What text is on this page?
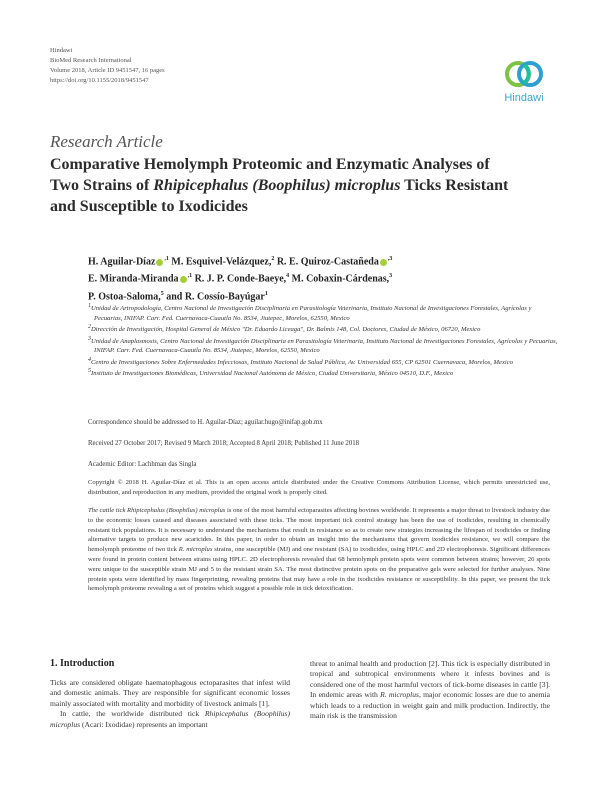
Hindawi
BioMed Research International
Volume 2018, Article ID 9451547, 16 pages
https://doi.org/10.1155/2018/9451547
Hindawi
Research Article
Comparative Hemolymph Proteomic and Enzymatic Analyses of Two Strains of Rhipicephalus (Boophilus) microplus Ticks Resistant and Susceptible to Ixodicides
H. Aguilar-Díaz $^{,1}$ M. Esquivel-Velázquez,$^2$ R. E. Quiroz-Castañeda $^{,3}$
E. Miranda-Miranda $^{,1}$ R. J. P. Conde-Baeye,$^4$ M. Cobaxin-Cárdenas,$^3$
P. Ostoa-Saloma,$^5$ and R. Cossío-Bayúgar$^1$
$^1$Unidad de Artropodología, Centro Nacional de Investigación Disciplinaria en Parasitología Veterinaria, Instituto Nacional de Investigaciones Forestales, Agrícolas y Pecuarias, INIFAP. Carr. Fed. Cuernavaca-Cuautla No. 8534, Jiutepec, Morelos, 62550, Mexico
$^2$Dirección de Investigación, Hospital General de México "Dr. Eduardo Liceaga", Dr. Balmis 148, Col. Doctores, Ciudad de México, 06720, Mexico
$^3$Unidad de Anaplasmosis, Centro Nacional de Investigación Disciplinaria en Parasitología Veterinaria, Instituto Nacional de Investigaciones Forestales, Agrícolas y Pecuarias, INIFAP. Carr. Fed. Cuernavaca-Cuautla No. 8534, Jiutepec, Morelos, 62550, Mexico
$^4$Centro de Investigaciones Sobre Enfermedades Infecciosas, Instituto Nacional de Salud Pública, Av. Universidad 655, CP 62501 Cuernavaca, Morelos, Mexico
$^5$Instituto de Investigaciones Biomédicas, Universidad Nacional Autónoma de México, Ciudad Universitaria, México 04510, D.F., Mexico
Correspondence should be addressed to H. Aguilar-Díaz; aguilar.hugo@inifap.gob.mx
Received 27 October 2017; Revised 9 March 2018; Accepted 8 April 2018; Published 11 June 2018
Academic Editor: Lachhman das Singla
Copyright © 2018 H. Aguilar-Díaz et al. This is an open access article distributed under the Creative Commons Attribution License, which permits unrestricted use, distribution, and reproduction in any medium, provided the original work is properly cited.
The cattle tick Rhipicephalus (Boophilus) microplus is one of the most harmful ectoparasites affecting bovines worldwide. It represents a major threat to livestock industry due to the economic losses caused and diseases associated with these ticks. The most important tick control strategy has been the use of ixodicides, resulting in chemically resistant tick populations. It is necessary to understand the mechanisms that result in resistance so as to create new strategies increasing the lifespan of ixodicides or finding alternative targets to produce new acaricides. In this paper, in order to obtain an insight into the mechanisms that govern ixodicides resistance, we will compare the hemolymph proteome of two tick R. microplus strains, one susceptible (MJ) and one resistant (SA) to ixodicides, using HPLC and 2D electrophoresis. Significant differences were found in protein content between strains using HPLC. 2D electrophoresis revealed that 68 hemolymph protein spots were common between strains; however, 26 spots were unique to the susceptible strain MJ and 5 to the resistant strain SA. The most distinctive protein spots on the preparative gels were selected for further analyses. Nine protein spots were identified by mass fingerprinting, revealing proteins that may have a role in the ixodicides resistance or susceptibility. In this paper, we present the tick hemolymph proteome revealing a set of proteins which suggest a possible role in tick detoxification.
1. Introduction

Ticks are considered obligate haematophagous ectoparasites that infest wild and domestic animals. They are responsible for significant economic losses mainly associated with mortality and morbidity of livestock animals [1].

In cattle, the worldwide distributed tick Rhipicephalus (Boophilus) microplus (Acari: Ixodidae) represents an important

threat to animal health and production [2]. This tick is especially distributed in tropical and subtropical environments where it infests bovines and is considered one of the most harmful vectors of tick-borne diseases in cattle [3]. In endemic areas with R. microplus, major economic losses are due to anemia which leads to a reduction in weight gain and milk production. Indirectly, the main risk is the transmission
